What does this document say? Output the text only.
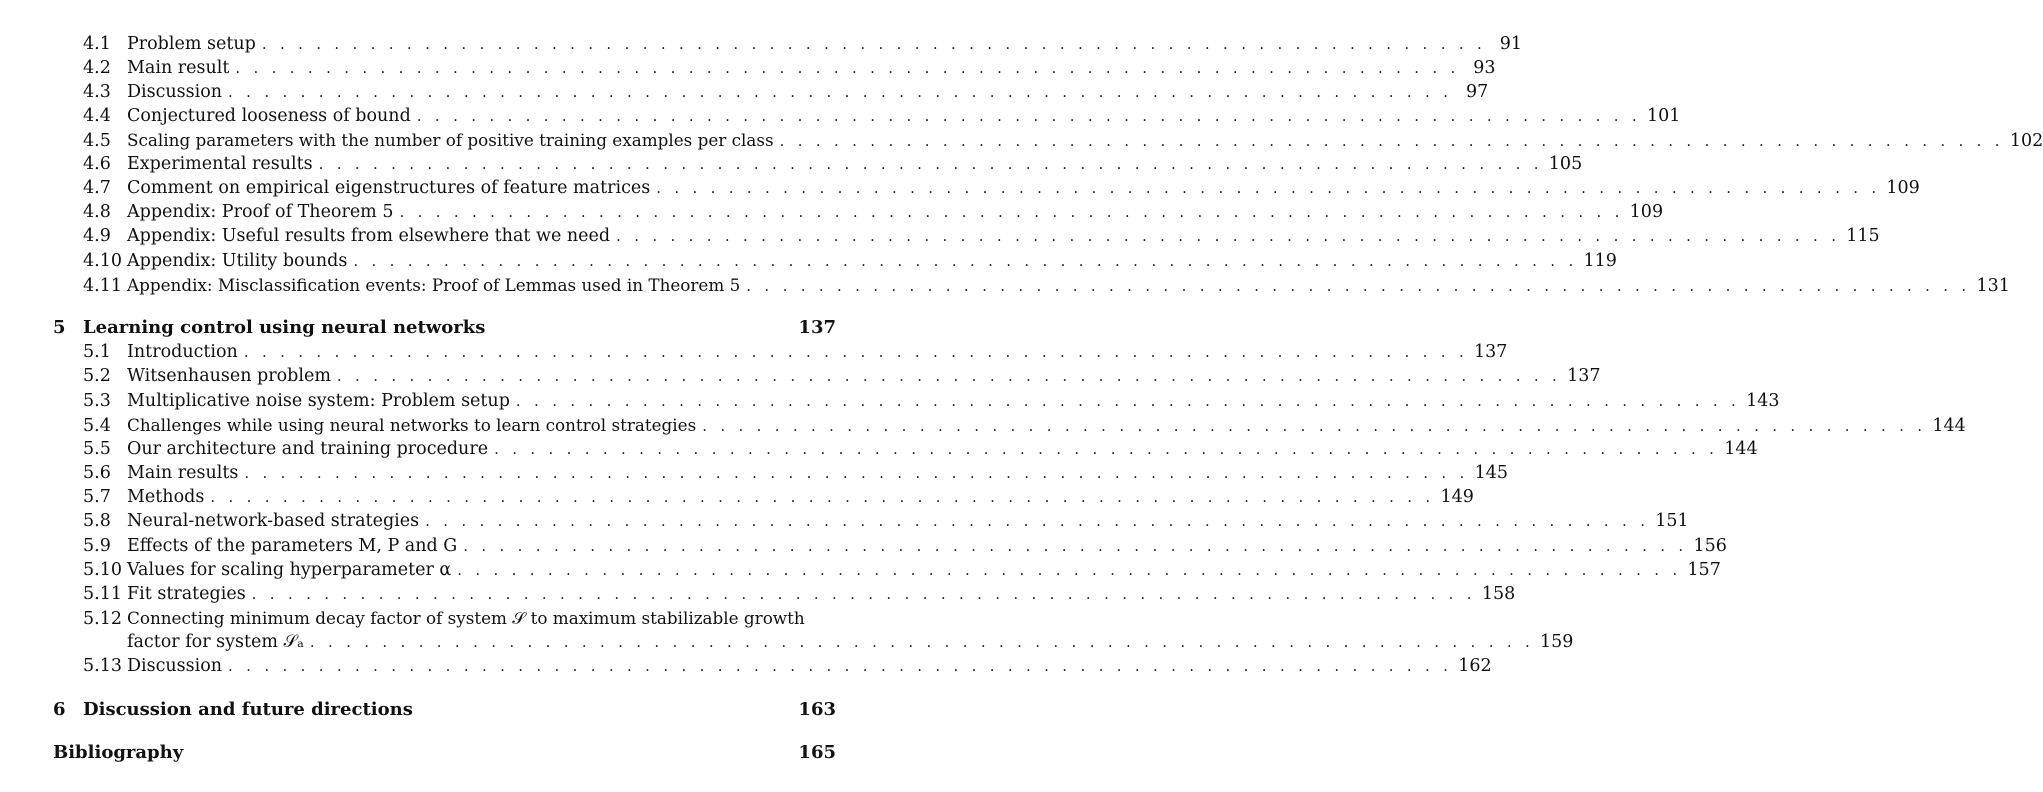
4.1 Problem setup . . . . . . . . . . . . . . . . . . . . . . . . . . . . . . . . . . . . . . . . . . . . . . . . . . . . . . . . . . . . . . . . . . . . 91
4.2 Main result . . . . . . . . . . . . . . . . . . . . . . . . . . . . . . . . . . . . . . . . . . . . . . . . . . . . . . . . . . . . . . . . . . . . 93
4.3 Discussion . . . . . . . . . . . . . . . . . . . . . . . . . . . . . . . . . . . . . . . . . . . . . . . . . . . . . . . . . . . . . . . . . . . . 97
4.4 Conjectured looseness of bound . . . . . . . . . . . . . . . . . . . . . . . . . . . . . . . . . . . . . . . . . . . . . . . . . . . . . . . . . . . . . . . . . . . . 101
4.5 Scaling parameters with the number of positive training examples per class . . . . . . . . . . . . . . . . . . . . . . . . . . . . . . . . . . . . . . . . . . . . . . . . . . . . . . . . . . . . . . . . . . . . 102
4.6 Experimental results . . . . . . . . . . . . . . . . . . . . . . . . . . . . . . . . . . . . . . . . . . . . . . . . . . . . . . . . . . . . . . . . . . . . 105
4.7 Comment on empirical eigenstructures of feature matrices . . . . . . . . . . . . . . . . . . . . . . . . . . . . . . . . . . . . . . . . . . . . . . . . . . . . . . . . . . . . . . . . . . . . 109
4.8 Appendix: Proof of Theorem 5 . . . . . . . . . . . . . . . . . . . . . . . . . . . . . . . . . . . . . . . . . . . . . . . . . . . . . . . . . . . . . . . . . . . . 109
4.9 Appendix: Useful results from elsewhere that we need . . . . . . . . . . . . . . . . . . . . . . . . . . . . . . . . . . . . . . . . . . . . . . . . . . . . . . . . . . . . . . . . . . . . 115
4.10 Appendix: Utility bounds . . . . . . . . . . . . . . . . . . . . . . . . . . . . . . . . . . . . . . . . . . . . . . . . . . . . . . . . . . . . . . . . . . . . 119
4.11 Appendix: Misclassification events: Proof of Lemmas used in Theorem 5 . . . . . . . . . . . . . . . . . . . . . . . . . . . . . . . . . . . . . . . . . . . . . . . . . . . . . . . . . . . . . . . . . . . . 131
5 Learning control using neural networks	137
5.1 Introduction . . . . . . . . . . . . . . . . . . . . . . . . . . . . . . . . . . . . . . . . . . . . . . . . . . . . . . . . . . . . . . . . . . . . 137
5.2 Witsenhausen problem . . . . . . . . . . . . . . . . . . . . . . . . . . . . . . . . . . . . . . . . . . . . . . . . . . . . . . . . . . . . . . . . . . . . 137
5.3 Multiplicative noise system: Problem setup . . . . . . . . . . . . . . . . . . . . . . . . . . . . . . . . . . . . . . . . . . . . . . . . . . . . . . . . . . . . . . . . . . . . 143
5.4 Challenges while using neural networks to learn control strategies . . . . . . . . . . . . . . . . . . . . . . . . . . . . . . . . . . . . . . . . . . . . . . . . . . . . . . . . . . . . . . . . . . . . 144
5.5 Our architecture and training procedure . . . . . . . . . . . . . . . . . . . . . . . . . . . . . . . . . . . . . . . . . . . . . . . . . . . . . . . . . . . . . . . . . . . . 144
5.6 Main results . . . . . . . . . . . . . . . . . . . . . . . . . . . . . . . . . . . . . . . . . . . . . . . . . . . . . . . . . . . . . . . . . . . . 145
5.7 Methods . . . . . . . . . . . . . . . . . . . . . . . . . . . . . . . . . . . . . . . . . . . . . . . . . . . . . . . . . . . . . . . . . . . . 149
5.8 Neural-network-based strategies . . . . . . . . . . . . . . . . . . . . . . . . . . . . . . . . . . . . . . . . . . . . . . . . . . . . . . . . . . . . . . . . . . . . 151
5.9 Effects of the parameters M, P and G . . . . . . . . . . . . . . . . . . . . . . . . . . . . . . . . . . . . . . . . . . . . . . . . . . . . . . . . . . . . . . . . . . . . 156
5.10 Values for scaling hyperparameter α . . . . . . . . . . . . . . . . . . . . . . . . . . . . . . . . . . . . . . . . . . . . . . . . . . . . . . . . . . . . . . . . . . . . 157
5.11 Fit strategies . . . . . . . . . . . . . . . . . . . . . . . . . . . . . . . . . . . . . . . . . . . . . . . . . . . . . . . . . . . . . . . . . . . . 158
5.12 Connecting minimum decay factor of system 𝒮 to maximum stabilizable growth
factor for system 𝒮ₐ . . . . . . . . . . . . . . . . . . . . . . . . . . . . . . . . . . . . . . . . . . . . . . . . . . . . . . . . . . . . . . . . . . . . 159
5.13 Discussion . . . . . . . . . . . . . . . . . . . . . . . . . . . . . . . . . . . . . . . . . . . . . . . . . . . . . . . . . . . . . . . . . . . . 162
6 Discussion and future directions	163
Bibliography	165
